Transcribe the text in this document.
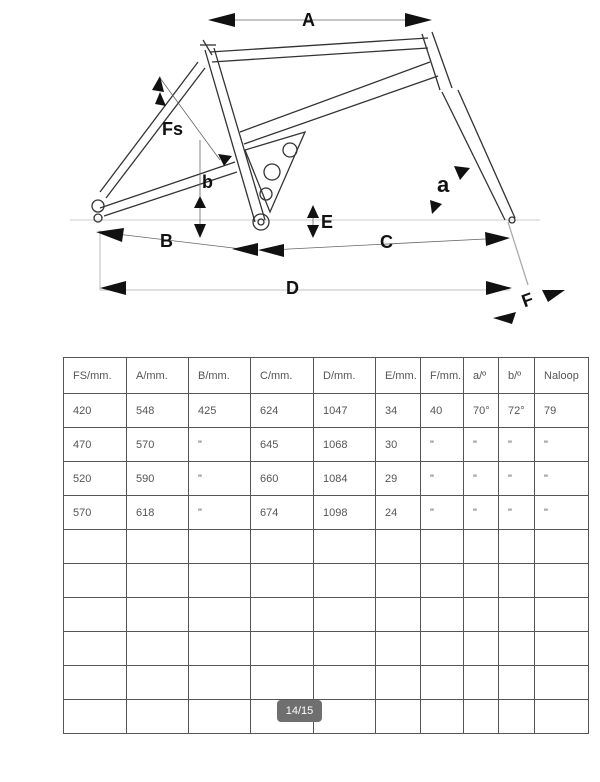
A
Fs
b	a
E
B	C
D
F
FS/mm.	A/mm.	B/mm.	C/mm.	D/mm.	E/mm.	F/mm.	a/º	b/º	Naloop
420	548	425	624	1047	34	40	70°	72°	79
470	570	"	645	1068	30	"	"	"	"
520	590	"	660	1084	29	"	"	"	"
570	618	"	674	1098	24	"	"	"	"

14/15
